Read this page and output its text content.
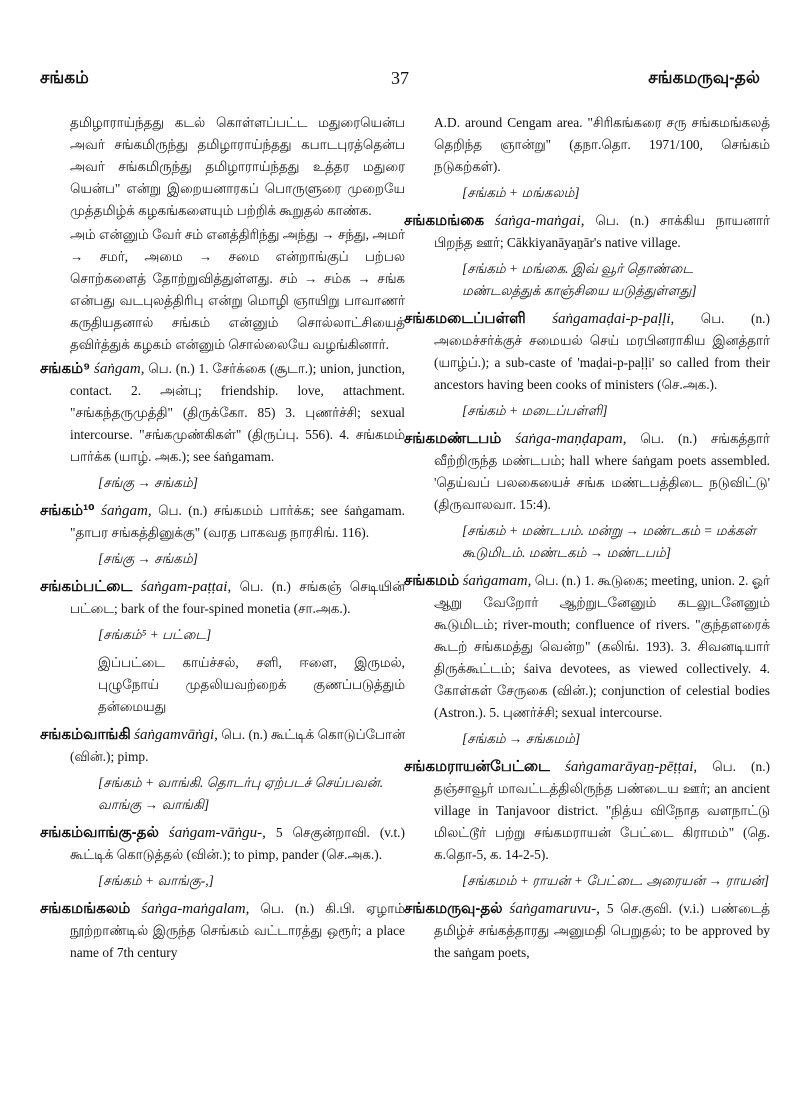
37
சங்கம்	சங்கமருவு-தல்

தமிழாராய்ந்தது கடல் கொள்ளப்பட்ட மதுரையென்ப அவர் சங்கமிருந்து தமிழாராய்ந்தது கபாடபுரத்தென்ப அவர் சங்கமிருந்து தமிழாராய்ந்தது உத்தர மதுரை யென்ப" என்று இறையனாரகப் பொருளுரை முறையே முத்தமிழ்க் கழகங்களையும் பற்றிக் கூறுதல் காண்க.

அம் என்னும் வேர் சம் எனத்திரிந்து அந்து → சந்து, அமர் → சமர், அமை → சமை என்றாங்குப் பற்பல சொற்களைத் தோற்றுவித்துள்ளது. சம் → சம்க → சங்க என்பது வடபுலத்திரிபு என்று மொழி ஞாயிறு பாவாணர் கருதியதனால் சங்கம் என்னும் சொல்லாட்சியைத் தவிர்த்துக் கழகம் என்னும் சொல்லையே வழங்கினார்.

சங்கம்⁹ śaṅgam, பெ. (n.) 1. சேர்க்கை (சூடா.); union, junction, contact. 2. அன்பு; friendship. love, attachment. "சங்கந்தருமுத்தி" (திருக்கோ. 85) 3. புணர்ச்சி; sexual intercourse. "சங்கமுண்கிகள்" (திருப்பு. 556). 4. சங்கமம் பார்க்க (யாழ். அக.); see śaṅgamam.

[சங்கு → சங்கம்]

சங்கம்¹⁰ śaṅgam, பெ. (n.) சங்கமம் பார்க்க; see śaṅgamam. "தாபர சங்கத்தினுக்கு" (வரத பாகவத நாரசிங். 116).

[சங்கு → சங்கம்]

சங்கம்பட்டை śaṅgam-paṭṭai, பெ. (n.) சங்கஞ் செடியின் பட்டை; bark of the four-spined monetia (சா.அக.).

[சங்கம்⁵ + பட்டை]

இப்பட்டை காய்ச்சல், சளி, ஈளை, இருமல், புழுநோய் முதலியவற்றைக் குணப்படுத்தும் தன்மையது

சங்கம்வாங்கி śaṅgamvāṅgi, பெ. (n.) கூட்டிக் கொடுப்போன் (வின்.); pimp.

[சங்கம் + வாங்கி. தொடர்பு ஏற்படச் செய்பவன். வாங்கு → வாங்கி]

சங்கம்வாங்கு-தல் śaṅgam-vāṅgu-, 5 செகுன்றாவி. (v.t.) கூட்டிக் கொடுத்தல் (வின்.); to pimp, pander (செ.அக.).

[சங்கம் + வாங்கு-,]

சங்கமங்கலம் śaṅga-maṅgalam, பெ. (n.) கி.பி. ஏழாம் நூற்றாண்டில் இருந்த செங்கம் வட்டாரத்து ஒரூர்; a place name of 7th century

A.D. around Cengam area. "சிரிகங்கரை சரு சங்கமங்கலத் தெறிந்த ஞான்று" (தநா.தொ. 1971/100, செங்கம் நடுகற்கள்).

[சங்கம் + மங்கலம்]

சங்கமங்கை śaṅga-maṅgai, பெ. (n.) சாக்கிய நாயனார் பிறந்த ஊர்; Cākkiyanāyaṉār's native village.

[சங்கம் + மங்கை. இவ் வூர் தொண்டை மண்டலத்துக் காஞ்சியை யடுத்துள்ளது]

சங்கமடைப்பள்ளி śaṅgamaḍai-p-paḷḷi, பெ. (n.) அமைச்சர்க்குச் சமையல் செய் மரபினராகிய இனத்தார் (யாழ்ப்.); a sub-caste of 'maḍai-p-paḷḷi' so called from their ancestors having been cooks of ministers (செ.அக.).

[சங்கம் + மடைப்பள்ளி]

சங்கமண்டபம் śaṅga-maṇḍapam, பெ. (n.) சங்கத்தார் வீற்றிருந்த மண்டபம்; hall where śaṅgam poets assembled. 'தெய்வப் பலகையைச் சங்க மண்டபத்திடை நடுவிட்டு' (திருவாலவா. 15:4).

[சங்கம் + மண்டபம். மன்று → மண்டகம் = மக்கள் கூடுமிடம். மண்டகம் → மண்டபம்]

சங்கமம் śaṅgamam, பெ. (n.) 1. கூடுகை; meeting, union. 2. ஓர் ஆறு வேறோர் ஆற்றுடனேனும் கடலுடனேனும் கூடுமிடம்; river-mouth; confluence of rivers. "குந்தளரைக் கூடற் சங்கமத்து வென்ற" (கலிங். 193). 3. சிவனடியார் திருக்கூட்டம்; śaiva devotees, as viewed collectively. 4. கோள்கள் சேருகை (வின்.); conjunction of celestial bodies (Astron.). 5. புணர்ச்சி; sexual intercourse.

[சங்கம் → சங்கமம்]

சங்கமராயன்பேட்டை śaṅgamarāyaṉ-pēṭṭai, பெ. (n.) தஞ்சாவூர் மாவட்டத்திலிருந்த பண்டைய ஊர்; an ancient village in Tanjavoor district. "நித்ய விநோத வளநாட்டு மிலட்டூர் பற்று சங்கமராயன் பேட்டை கிராமம்" (தெ. க.தொ-5, க. 14-2-5).

[சங்கமம் + ராயன் + பேட்டை. அரையன் → ராயன்]

சங்கமருவு-தல் śaṅgamaruvu-, 5 செ.குவி. (v.i.) பண்டைத் தமிழ்ச் சங்கத்தாரது அனுமதி பெறுதல்; to be approved by the saṅgam poets,
